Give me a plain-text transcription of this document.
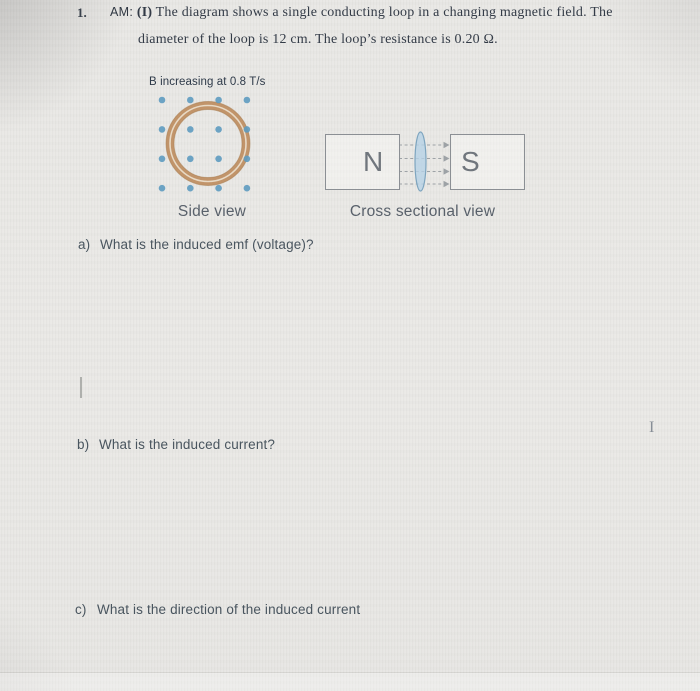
1. AM: (I) The diagram shows a single conducting loop in a changing magnetic field. The
diameter of the loop is 12 cm. The loop’s resistance is 0.20 Ω.
B increasing at 0.8 T/s
N	S
Side view	Cross sectional view
a) What is the induced emf (voltage)?
b) What is the induced current?
c) What is the direction of the induced current
I
